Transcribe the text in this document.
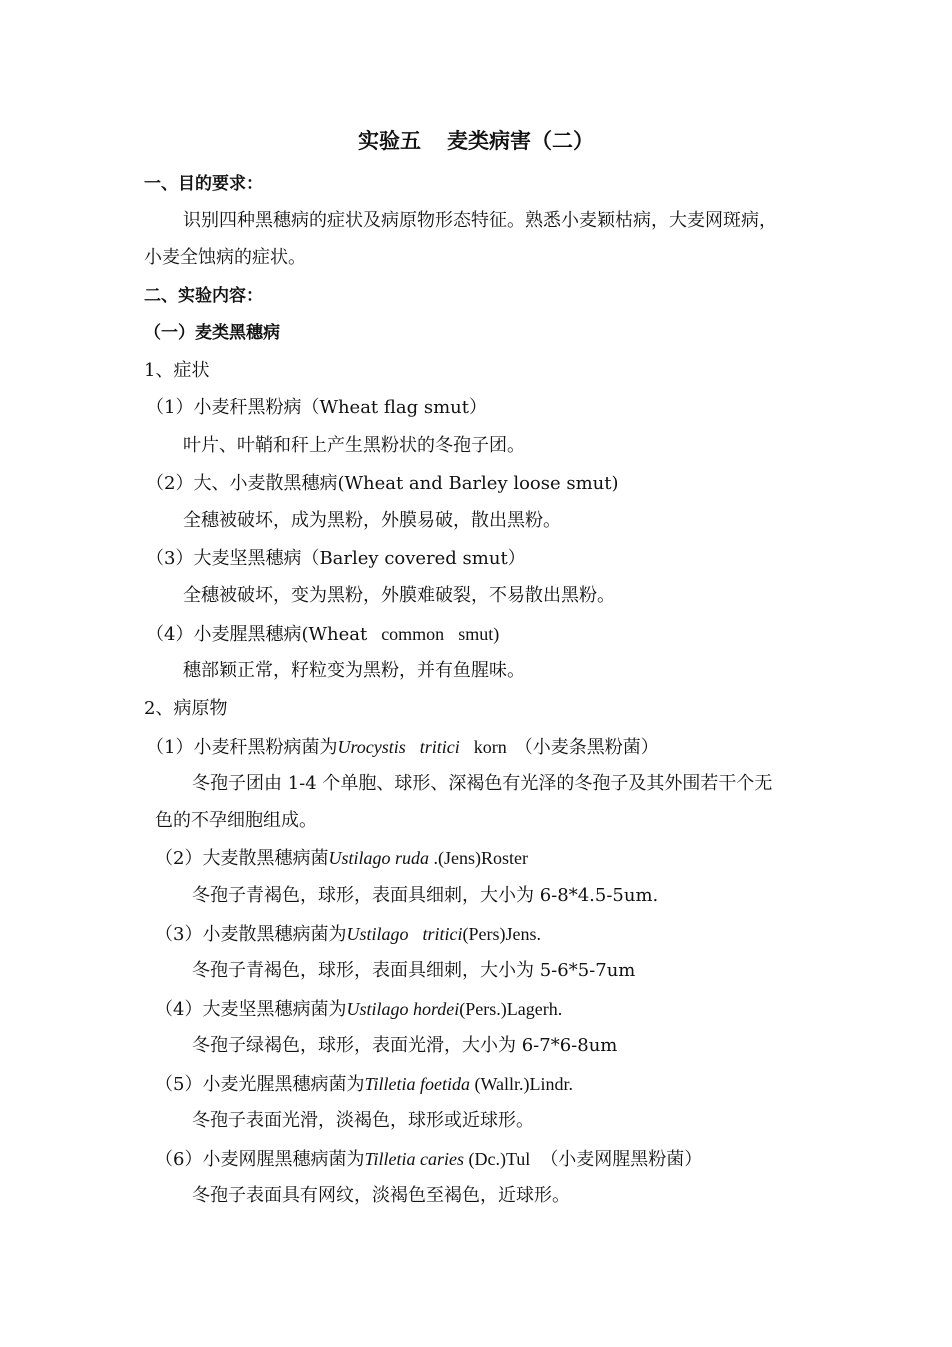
实验五 麦类病害（二）
一、目的要求：
识别四种黑穗病的症状及病原物形态特征。熟悉小麦颖枯病，大麦网斑病，
小麦全蚀病的症状。
二、实验内容：
（一）麦类黑穗病
1、症状
（1）小麦秆黑粉病（Wheat flag smut）
叶片、叶鞘和秆上产生黑粉状的冬孢子团。
（2）大、小麦散黑穗病(Wheat and Barley loose smut)
全穗被破坏，成为黑粉，外膜易破，散出黑粉。
（3）大麦坚黑穗病（Barley covered smut）
全穗被破坏，变为黑粉，外膜难破裂，不易散出黑粉。
（4）小麦腥黑穗病(Wheat common smut)
穗部颖正常，籽粒变为黑粉，并有鱼腥味。
2、病原物
（1）小麦秆黑粉病菌为Urocystis tritici korn （小麦条黑粉菌）
冬孢子团由 1-4 个单胞、球形、深褐色有光泽的冬孢子及其外围若干个无
色的不孕细胞组成。
（2）大麦散黑穗病菌Ustilago ruda .(Jens)Roster
冬孢子青褐色，球形，表面具细刺，大小为 6-8*4.5-5um.
（3）小麦散黑穗病菌为Ustilago tritici(Pers)Jens.
冬孢子青褐色，球形，表面具细刺，大小为 5-6*5-7um
（4）大麦坚黑穗病菌为Ustilago hordei(Pers.)Lagerh.
冬孢子绿褐色，球形，表面光滑，大小为 6-7*6-8um
（5）小麦光腥黑穗病菌为Tilletia foetida (Wallr.)Lindr.
冬孢子表面光滑，淡褐色，球形或近球形。
（6）小麦网腥黑穗病菌为Tilletia caries (Dc.)Tul （小麦网腥黑粉菌）
冬孢子表面具有网纹，淡褐色至褐色，近球形。
